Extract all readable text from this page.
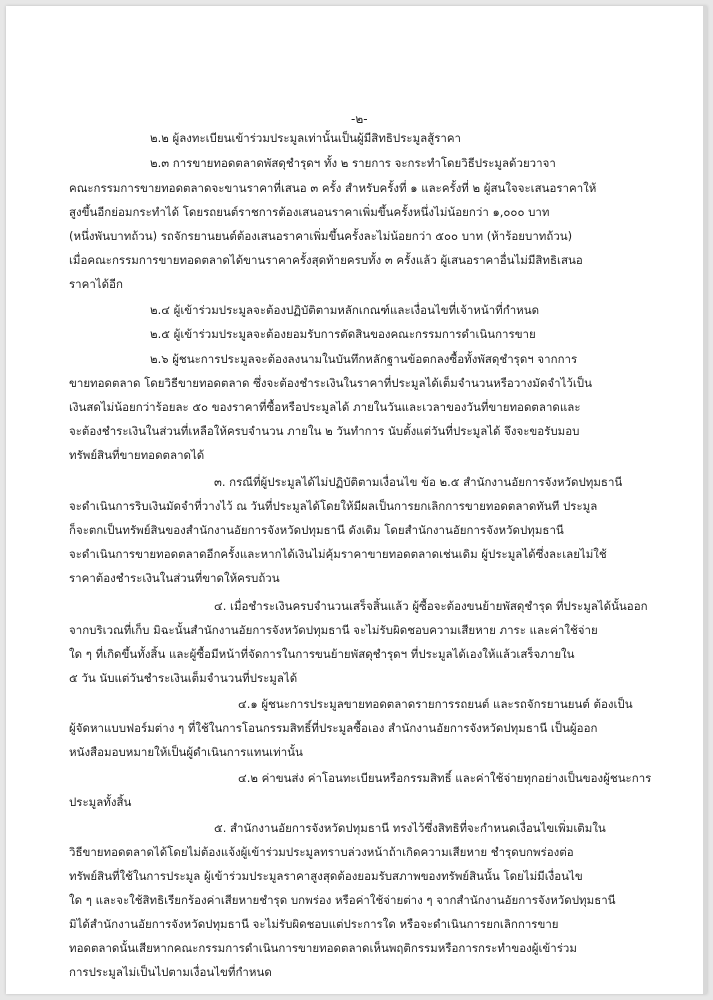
-๒-

๒.๒ ผู้ลงทะเบียนเข้าร่วมประมูลเท่านั้นเป็นผู้มีสิทธิประมูลสู้ราคา

๒.๓ การขายทอดตลาดพัสดุชำรุดฯ ทั้ง ๒ รายการ จะกระทำโดยวิธีประมูลด้วยวาจา

คณะกรรมการขายทอดตลาดจะขานราคาที่เสนอ ๓ ครั้ง สำหรับครั้งที่ ๑ และครั้งที่ ๒ ผู้สนใจจะเสนอราคาให้

สูงขึ้นอีกย่อมกระทำได้ โดยรถยนต์ราชการต้องเสนอนราคาเพิ่มขึ้นครั้งหนึ่งไม่น้อยกว่า ๑,๐๐๐ บาท

(หนึ่งพันบาทถ้วน) รถจักรยานยนต์ต้องเสนอราคาเพิ่มขึ้นครั้งละไม่น้อยกว่า ๕๐๐ บาท (ห้าร้อยบาทถ้วน)

เมื่อคณะกรรมการขายทอดตลาดได้ขานราคาครั้งสุดท้ายครบทั้ง ๓ ครั้งแล้ว ผู้เสนอราคาอื่นไม่มีสิทธิเสนอ

ราคาได้อีก

๒.๔ ผู้เข้าร่วมประมูลจะต้องปฏิบัติตามหลักเกณฑ์และเงื่อนไขที่เจ้าหน้าที่กำหนด

๒.๕ ผู้เข้าร่วมประมูลจะต้องยอมรับการตัดสินของคณะกรรมการดำเนินการขาย

๒.๖ ผู้ชนะการประมูลจะต้องลงนามในบันทึกหลักฐานข้อตกลงซื้อทั้งพัสดุชำรุดฯ จากการ

ขายทอดตลาด โดยวิธีขายทอดตลาด ซึ่งจะต้องชำระเงินในราคาที่ประมูลได้เต็มจำนวนหรือวางมัดจำไว้เป็น

เงินสดไม่น้อยกว่าร้อยละ ๕๐ ของราคาที่ซื้อหรือประมูลได้ ภายในวันและเวลาของวันที่ขายทอดตลาดและ

จะต้องชำระเงินในส่วนที่เหลือให้ครบจำนวน ภายใน ๒ วันทำการ นับตั้งแต่วันที่ประมูลได้ จึงจะขอรับมอบ

ทรัพย์สินที่ขายทอดตลาดได้

๓. กรณีที่ผู้ประมูลได้ไม่ปฏิบัติตามเงื่อนไข ข้อ ๒.๕ สำนักงานอัยการจังหวัดปทุมธานี

จะดำเนินการริบเงินมัดจำที่วางไว้ ณ วันที่ประมูลได้โดยให้มีผลเป็นการยกเลิกการขายทอดตลาดทันที ประมูล

ก็จะตกเป็นทรัพย์สินของสำนักงานอัยการจังหวัดปทุมธานี ดังเดิม โดยสำนักงานอัยการจังหวัดปทุมธานี

จะดำเนินการขายทอดตลาดอีกครั้งและหากได้เงินไม่คุ้มราคาขายทอดตลาดเช่นเดิม ผู้ประมูลได้ซึ่งละเลยไม่ใช้

ราคาต้องชำระเงินในส่วนที่ขาดให้ครบถ้วน

๔. เมื่อชำระเงินครบจำนวนเสร็จสิ้นแล้ว ผู้ซื้อจะต้องขนย้ายพัสดุชำรุด ที่ประมูลได้นั้นออก

จากบริเวณที่เก็บ มิฉะนั้นสำนักงานอัยการจังหวัดปทุมธานี จะไม่รับผิดชอบความเสียหาย ภาระ และค่าใช้จ่าย

ใด ๆ ที่เกิดขึ้นทั้งสิ้น และผู้ซื้อมีหน้าที่จัดการในการขนย้ายพัสดุชำรุดฯ ที่ประมูลได้เองให้แล้วเสร็จภายใน

๕ วัน นับแต่วันชำระเงินเต็มจำนวนที่ประมูลได้

๔.๑ ผู้ชนะการประมูลขายทอดตลาดรายการรถยนต์ และรถจักรยานยนต์ ต้องเป็น

ผู้จัดหาแบบฟอร์มต่าง ๆ ที่ใช้ในการโอนกรรมสิทธิ์ที่ประมูลซื้อเอง สำนักงานอัยการจังหวัดปทุมธานี เป็นผู้ออก

หนังสือมอบหมายให้เป็นผู้ดำเนินการแทนเท่านั้น

๔.๒ ค่าขนส่ง ค่าโอนทะเบียนหรือกรรมสิทธิ์ และค่าใช้จ่ายทุกอย่างเป็นของผู้ชนะการ

ประมูลทั้งสิ้น

๕. สำนักงานอัยการจังหวัดปทุมธานี ทรงไว้ซึ่งสิทธิที่จะกำหนดเงื่อนไขเพิ่มเติมใน

วิธีขายทอดตลาดได้โดยไม่ต้องแจ้งผู้เข้าร่วมประมูลทราบล่วงหน้าถ้าเกิดความเสียหาย ชำรุดบกพร่องต่อ

ทรัพย์สินที่ใช้ในการประมูล ผู้เข้าร่วมประมูลราคาสูงสุดต้องยอมรับสภาพของทรัพย์สินนั้น โดยไม่มีเงื่อนไข

ใด ๆ และจะใช้สิทธิเรียกร้องค่าเสียหายชำรุด บกพร่อง หรือค่าใช้จ่ายต่าง ๆ จากสำนักงานอัยการจังหวัดปทุมธานี

มิได้สำนักงานอัยการจังหวัดปทุมธานี จะไม่รับผิดชอบแต่ประการใด หรือจะดำเนินการยกเลิกการขาย

ทอดตลาดนั้นเสียหากคณะกรรมการดำเนินการขายทอดตลาดเห็นพฤติกรรมหรือการกระทำของผู้เข้าร่วม

การประมูลไม่เป็นไปตามเงื่อนไขที่กำหนด
